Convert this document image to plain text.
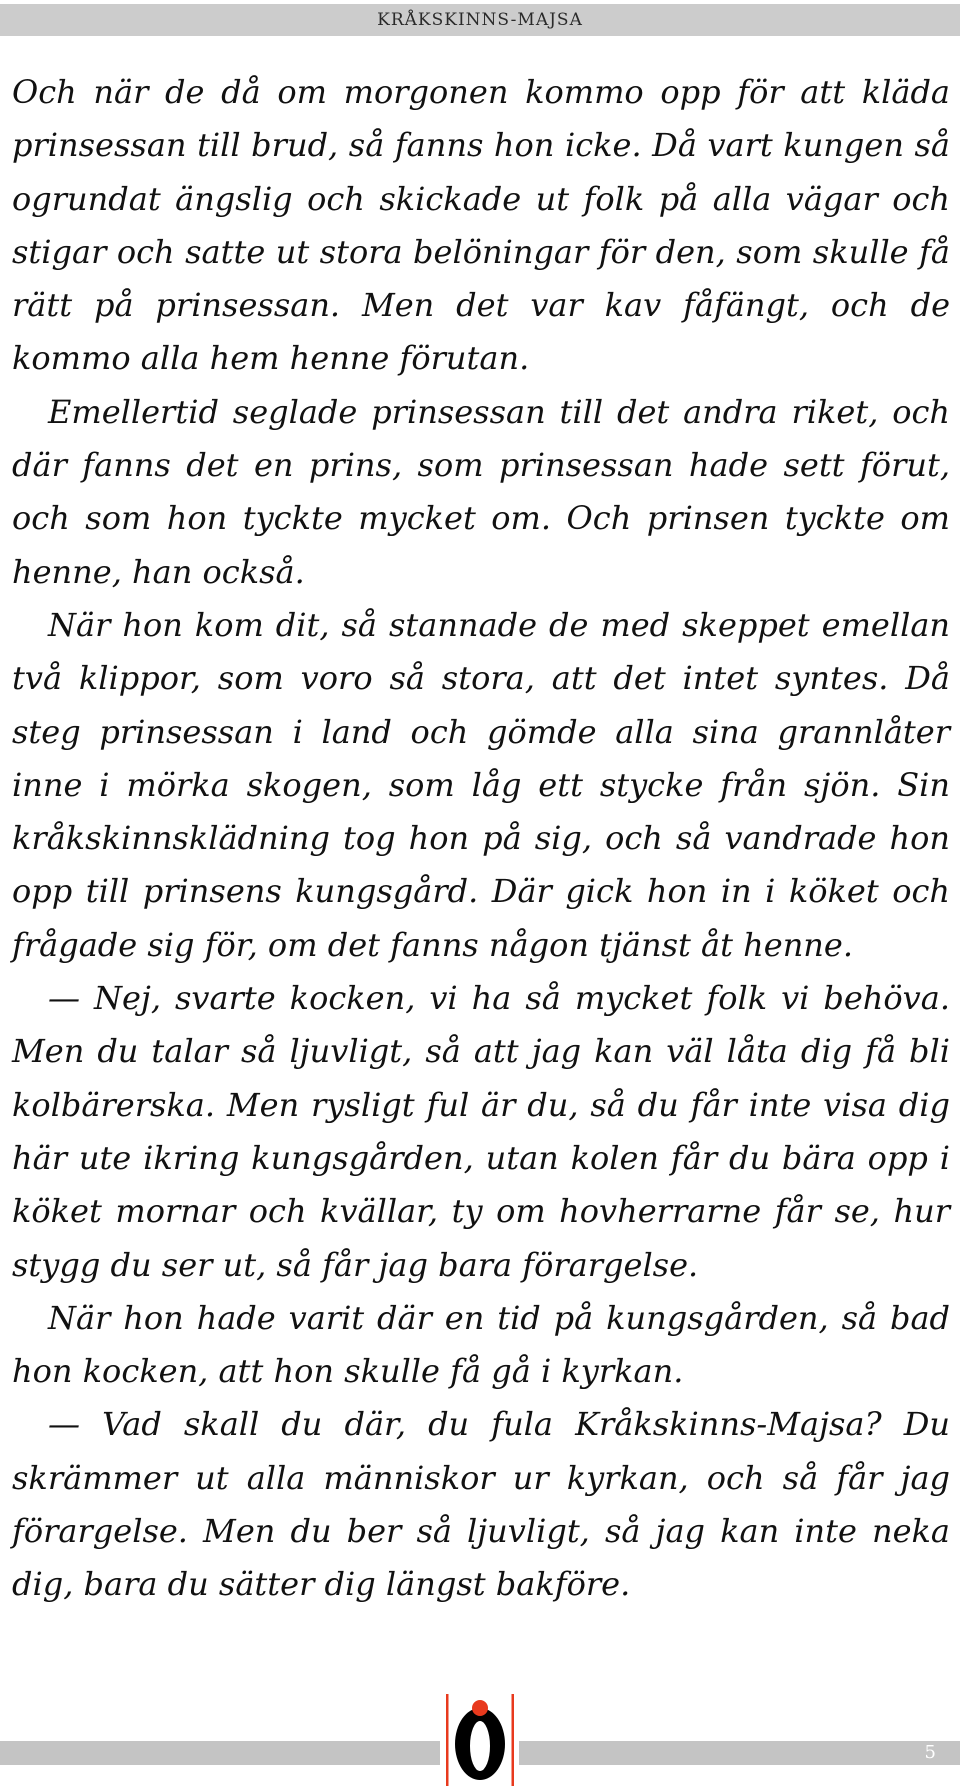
KRÅKSKINNS-MAJSA

Och när de då om morgonen kommo opp för att kläda prinsessan till brud, så fanns hon icke. Då vart kungen så ogrundat ängslig och skickade ut folk på alla vägar och stigar och satte ut stora belöningar för den, som skulle få rätt på prinsessan. Men det var kav fåfängt, och de kommo alla hem henne förutan.

Emellertid seglade prinsessan till det andra riket, och där fanns det en prins, som prinsessan hade sett förut, och som hon tyckte mycket om. Och prinsen tyckte om henne, han också.

När hon kom dit, så stannade de med skeppet emellan två klippor, som voro så stora, att det intet syntes. Då steg prinsessan i land och gömde alla sina grannlåter inne i mörka skogen, som låg ett stycke från sjön. Sin kråkskinnsklädning tog hon på sig, och så vandrade hon opp till prinsens kungsgård. Där gick hon in i köket och frågade sig för, om det fanns någon tjänst åt henne.

— Nej, svarte kocken, vi ha så mycket folk vi behöva. Men du talar så ljuvligt, så att jag kan väl låta dig få bli kolbärerska. Men rysligt ful är du, så du får inte visa dig här ute ikring kungsgården, utan kolen får du bära opp i köket mornar och kvällar, ty om hovherrarne får se, hur stygg du ser ut, så får jag bara förargelse.

När hon hade varit där en tid på kungsgården, så bad hon kocken, att hon skulle få gå i kyrkan.

— Vad skall du där, du fula Kråkskinns-Majsa? Du skrämmer ut alla människor ur kyrkan, och så får jag förargelse. Men du ber så ljuvligt, så jag kan inte neka dig, bara du sätter dig längst bakföre.

5
